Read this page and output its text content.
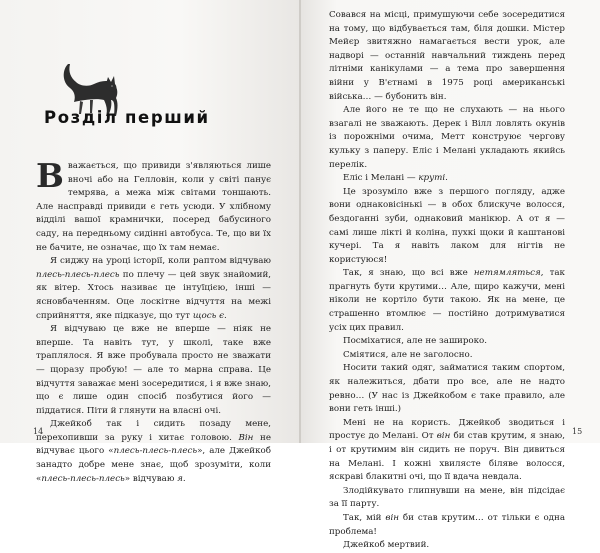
Розділ перший

Вважається, що привиди з'являються лише вночі або на Гелловін, коли у світі панує темрява, а межа між світами тоншають. Але насправді привиди є геть усюди. У хлібному відділі вашої крамнички, посеред бабусиного саду, на передньому сидінні автобуса. Те, що ви їх не бачите, не означає, що їх там немає.

Я сиджу на уроці історії, коли раптом відчуваю плесь-плесь-плесь по плечу — цей звук знайомий, як вітер. Хтось називає це інтуїцією, інші — ясновбаченням. Оце лоскітне відчуття на межі сприйняття, яке підказує, що тут щось є.

Я відчуваю це вже не вперше — ніяк не вперше. Та навіть тут, у школі, таке вже траплялося. Я вже пробувала просто не зважати — щоразу пробую! — але то марна справа. Це відчуття заважає мені зосередитися, і я вже знаю, що є лише один спосіб позбутися його — піддатися. Піти й глянути на власні очі.

Джейкоб так і сидить позаду мене, перехопивши за руку і хитає головою. Він не відчуває цього «плесь-плесь-плесь», але Джейкоб занадто добре мене знає, щоб зрозуміти, коли «плесь-плесь-плесь» відчуваю я.

14

Совався на місці, примушуючи себе зосередитися на тому, що відбувається там, біля дошки. Містер Мейєр звитяжно намагається вести урок, але надворі — останній навчальний тиждень перед літніми канікулами — а тема про завершення війни у В'єтнамі в 1975 році американські війська… — бубонить він.

Але його не те що не слухають — на нього взагалі не зважають. Дерек і Вілл ловлять окунів із порожніми очима, Метт конструює чергову кульку з паперу. Еліс і Мелані укладають якийсь перелік.

Еліс і Мелані — круті.

Це зрозуміло вже з першого погляду, адже вони однаковісінькі — в обох блискуче волосся, бездоганні зуби, однаковий манікюр. А от я — самі лише лікті й коліна, пухкі щоки й каштанові кучері. Та я навіть лаком для нігтів не користуюся!

Так, я знаю, що всі вже нетямляться, так прагнуть бути крутими… Але, щиро кажучи, мені ніколи не кортіло бути такою. Як на мене, це страшенно втомлює — постійно дотримуватися усіх цих правил.

Посміхатися, але не зашироко.

Сміятися, але не заголосно.

Носити такий одяг, займатися таким спортом, як належиться, дбати про все, але не надто ревно… (У нас із Джейкобом є таке правило, але вони геть інші.)

Мені не на користь. Джейкоб зводиться і простує до Мелані. От він би став крутим, я знаю, і от крутимим він сидить не поруч. Він дивиться на Мелані. І кожні хвилясте біляве волосся, яскраві блакитні очі, що її вдача невдала.

Злодійкувато глипнувши на мене, він підсідає за її парту.

Так, мій він би став крутим… от тільки є одна проблема!

Джейкоб мертвий.

15
